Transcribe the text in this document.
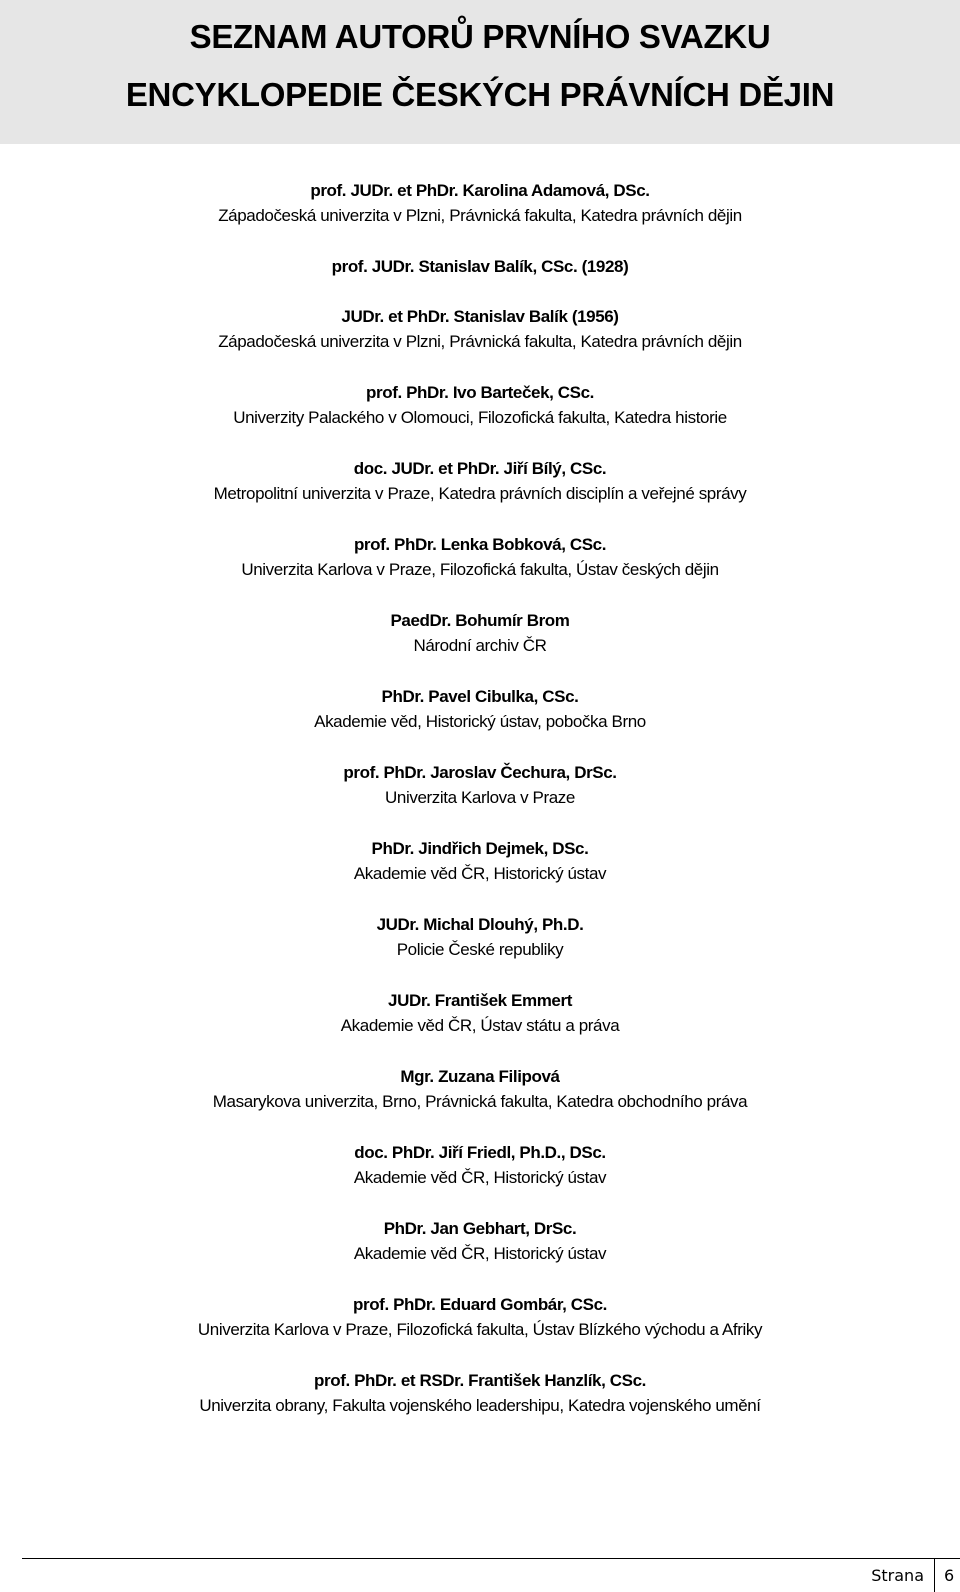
SEZNAM AUTORŮ PRVNÍHO SVAZKU
ENCYKLOPEDIE ČESKÝCH PRÁVNÍCH DĚJIN
prof. JUDr. et PhDr. Karolina Adamová, DSc.
Západočeská univerzita v Plzni, Právnická fakulta, Katedra právních dějin
prof. JUDr. Stanislav Balík, CSc. (1928)
JUDr. et PhDr. Stanislav Balík (1956)
Západočeská univerzita v Plzni, Právnická fakulta, Katedra právních dějin
prof. PhDr. Ivo Barteček, CSc.
Univerzity Palackého v Olomouci, Filozofická fakulta, Katedra historie
doc. JUDr. et PhDr. Jiří Bílý, CSc.
Metropolitní univerzita v Praze, Katedra právních disciplín a veřejné správy
prof. PhDr. Lenka Bobková, CSc.
Univerzita Karlova v Praze, Filozofická fakulta, Ústav českých dějin
PaedDr. Bohumír Brom
Národní archiv ČR
PhDr. Pavel Cibulka, CSc.
Akademie věd, Historický ústav, pobočka Brno
prof. PhDr. Jaroslav Čechura, DrSc.
Univerzita Karlova v Praze
PhDr. Jindřich Dejmek, DSc.
Akademie věd ČR, Historický ústav
JUDr. Michal Dlouhý, Ph.D.
Policie České republiky
JUDr. František Emmert
Akademie věd ČR, Ústav státu a práva
Mgr. Zuzana Filipová
Masarykova univerzita, Brno, Právnická fakulta, Katedra obchodního práva
doc. PhDr. Jiří Friedl, Ph.D., DSc.
Akademie věd ČR, Historický ústav
PhDr. Jan Gebhart, DrSc.
Akademie věd ČR, Historický ústav
prof. PhDr. Eduard Gombár, CSc.
Univerzita Karlova v Praze, Filozofická fakulta, Ústav Blízkého východu a Afriky
prof. PhDr. et RSDr. František Hanzlík, CSc.
Univerzita obrany, Fakulta vojenského leadershipu, Katedra vojenského umění
Strana 6
